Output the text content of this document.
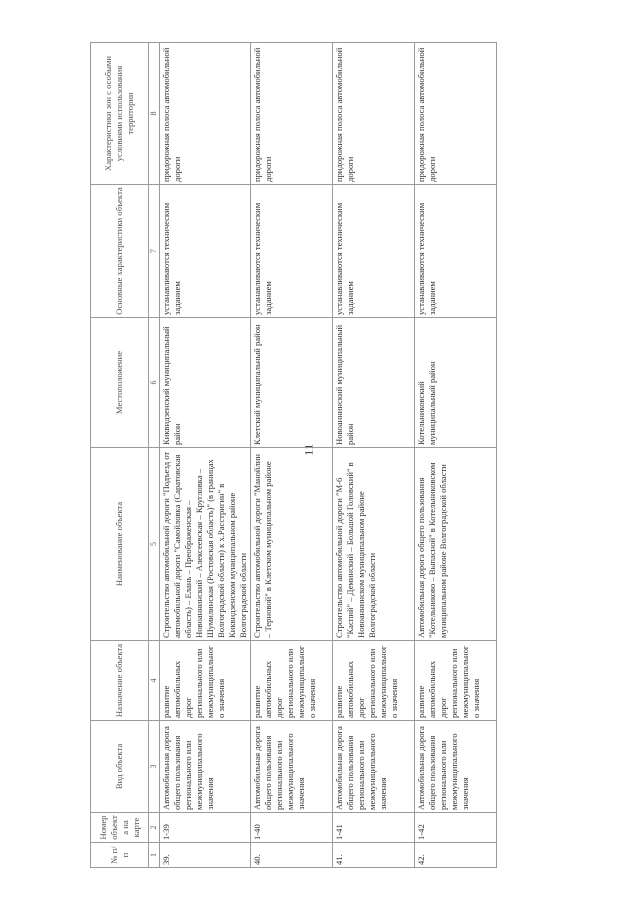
11
№ п/п	Номер объекта на карте	Вид объекта	Назначение объекта	Наименование объекта	Местоположение	Основные характеристики объекта	Характеристики зон с особыми условиями использования территории
1	2	3	4	5	6	7	8
39.	1-39	Автомобильная дорога общего пользования регионального или межмуниципального значения	развитие автомобильных дорог регионального или межмуниципального значения	Строительство автомобильной дороги "Подъезд от автомобильной дороги "Самойловка (Саратовская область) – Елань – Преображенская – Новоаннинский – Алексеевская – Кругловка – Шумилинская (Ростовская область)" (в границах Волгоградской области) к х.Расстригин" в Киквидзенском муниципальном районе Волгоградской области	Киквидзенский муниципальный район	устанавливаются техническим заданием	придорожная полоса автомобильной дороги
40.	1-40	Автомобильная дорога общего пользования регионального или межмуниципального значения	развитие автомобильных дорог регионального или межмуниципального значения	Строительство автомобильной дороги "Манойлин – Терновой" в Клетском муниципальном районе	Клетский муниципальный район	устанавливаются техническим заданием	придорожная полоса автомобильной дороги
41.	1-41	Автомобильная дорога общего пользования регионального или межмуниципального значения	развитие автомобильных дорог регионального или межмуниципального значения	Строительство автомобильной дороги "М-6 "Каспий" – Деминский – Большой Головский" в Новоаннинском муниципальном районе Волгоградской области	Новоаннинский муниципальный район	устанавливаются техническим заданием	придорожная полоса автомобильной дороги
42.	1-42	Автомобильная дорога общего пользования регионального или межмуниципального значения	развитие автомобильных дорог регионального или межмуниципального значения	Автомобильная дорога общего пользования "Котельниково – Выпасной" в Котельниковском муниципальном районе Волгоградской области	Котельниковский муниципальный район	устанавливаются техническим заданием	придорожная полоса автомобильной дороги
